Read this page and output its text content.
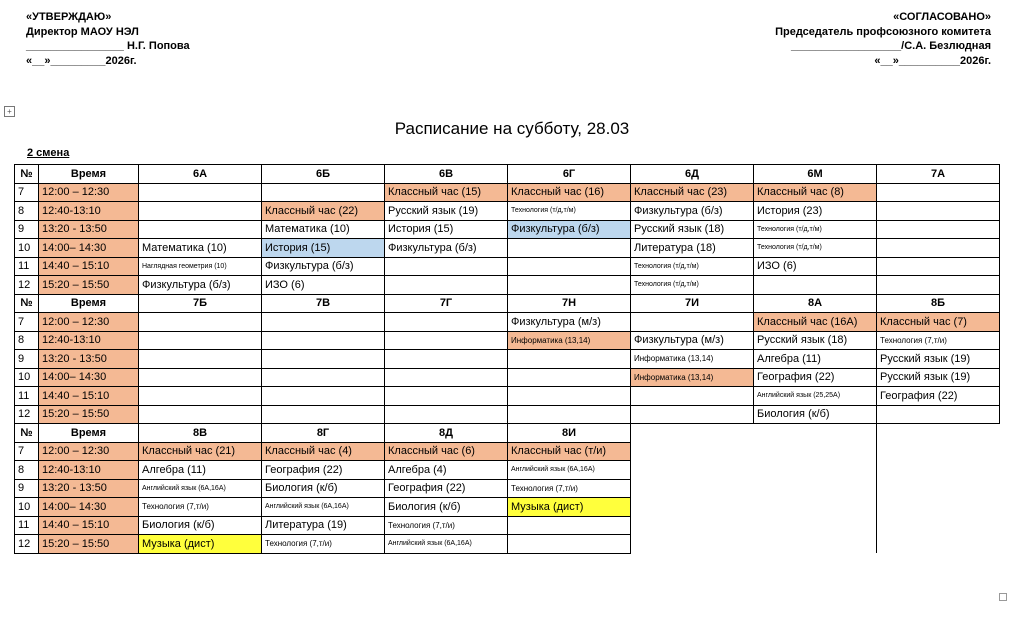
«УТВЕРЖДАЮ»
Директор МАОУ НЭЛ
________________ Н.Г. Попова
«__»_________2026г.
«СОГЛАСОВАНО»
Председатель профсоюзного комитета
__________________/С.А. Безлюдная
«__»__________2026г.
+
Расписание на субботу, 28.03
2 смена
№	Время	6А	6Б	6В	6Г	6Д	6М	7А
7	12:00 – 12:30			Классный час (15)	Классный час (16)	Классный час (23)	Классный час (8)	
8	12:40-13:10		Классный час (22)	Русский язык (19)	Технология (т/д,т/м)	Физкультура (б/з)	История (23)	
9	13:20 - 13:50		Математика (10)	История (15)	Физкультура (б/з)	Русский язык (18)	Технология (т/д,т/м)	
10	14:00– 14:30	Математика (10)	История (15)	Физкультура (б/з)		Литература (18)	Технология (т/д,т/м)	
11	14:40 – 15:10	Наглядная геометрия (10)	Физкультура (б/з)			Технология (т/д,т/м)	ИЗО (6)	
12	15:20 – 15:50	Физкультура (б/з)	ИЗО (6)			Технология (т/д,т/м)		
№	Время	7Б	7В	7Г	7Н	7И	8А	8Б
7	12:00 – 12:30				Физкультура (м/з)		Классный час (16А)	Классный час (7)
8	12:40-13:10				Информатика (13,14)	Физкультура (м/з)	Русский язык (18)	Технология (7,т/и)
9	13:20 - 13:50					Информатика (13,14)	Алгебра (11)	Русский язык (19)
10	14:00– 14:30					Информатика (13,14)	География (22)	Русский язык (19)
11	14:40 – 15:10						Английский язык (25,25А)	География (22)
12	15:20 – 15:50						Биология (к/б)	
№	Время	8В	8Г	8Д	8И			
7	12:00 – 12:30	Классный час (21)	Классный час (4)	Классный час (6)	Классный час (т/и)			
8	12:40-13:10	Алгебра (11)	География (22)	Алгебра (4)	Английский язык (6А,16А)			
9	13:20 - 13:50	Английский язык (6А,16А)	Биология (к/б)	География (22)	Технология (7,т/и)			
10	14:00– 14:30	Технология (7,т/и)	Английский язык (6А,16А)	Биология (к/б)	Музыка (дист)			
11	14:40 – 15:10	Биология (к/б)	Литература (19)	Технология (7,т/и)				
12	15:20 – 15:50	Музыка (дист)	Технология (7,т/и)	Английский язык (6А,16А)				
